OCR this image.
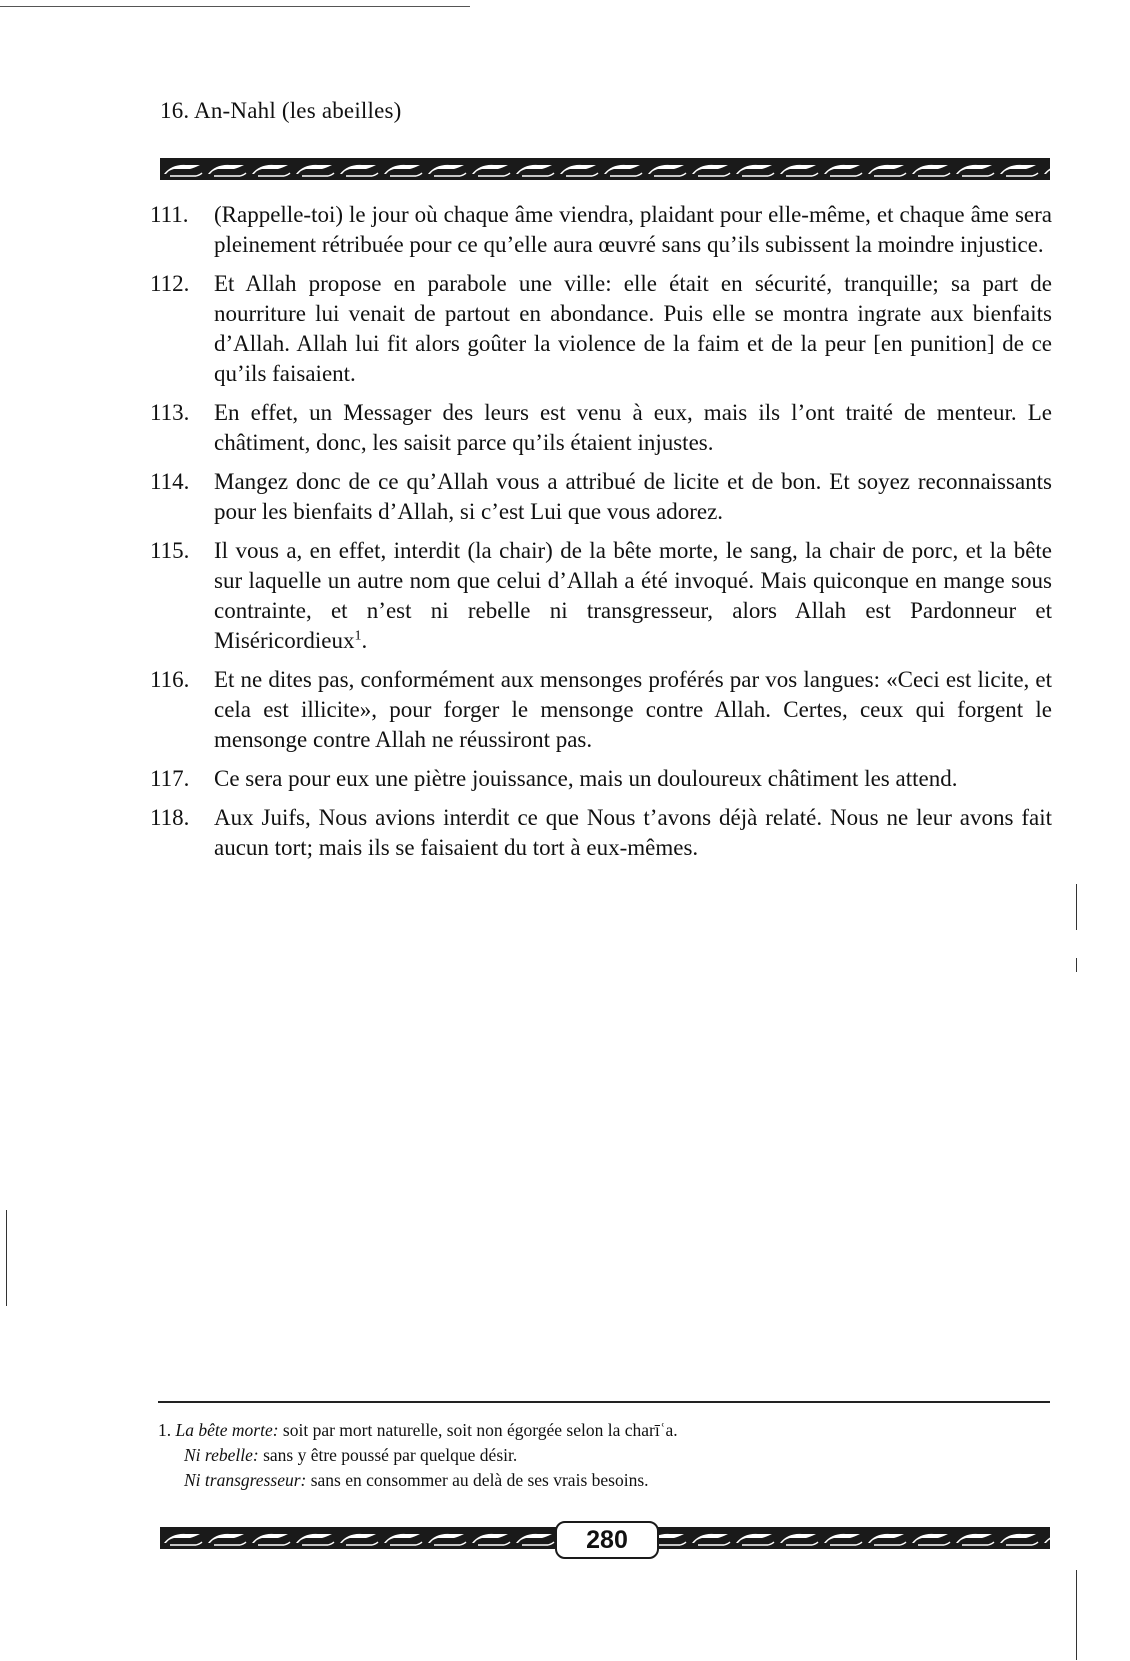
16. An-Nahl (les abeilles)
111.	(Rappelle-toi) le jour où chaque âme viendra, plaidant pour elle-même, et chaque âme sera pleinement rétribuée pour ce qu’elle aura œuvré sans qu’ils subissent la moindre injustice.
112.	Et Allah propose en parabole une ville: elle était en sécurité, tranquille; sa part de nourriture lui venait de partout en abondance. Puis elle se montra ingrate aux bienfaits d’Allah. Allah lui fit alors goûter la violence de la faim et de la peur [en punition] de ce qu’ils faisaient.
113.	En effet, un Messager des leurs est venu à eux, mais ils l’ont traité de menteur. Le châtiment, donc, les saisit parce qu’ils étaient injustes.
114.	Mangez donc de ce qu’Allah vous a attribué de licite et de bon. Et soyez reconnaissants pour les bienfaits d’Allah, si c’est Lui que vous adorez.
115.	Il vous a, en effet, interdit (la chair) de la bête morte, le sang, la chair de porc, et la bête sur laquelle un autre nom que celui d’Allah a été invoqué. Mais quiconque en mange sous contrainte, et n’est ni rebelle ni transgresseur, alors Allah est Pardonneur et Miséricordieux$^1$.
116.	Et ne dites pas, conformément aux mensonges proférés par vos langues: «Ceci est licite, et cela est illicite», pour forger le mensonge contre Allah. Certes, ceux qui forgent le mensonge contre Allah ne réussiront pas.
117.	Ce sera pour eux une piètre jouissance, mais un douloureux châtiment les attend.
118.	Aux Juifs, Nous avions interdit ce que Nous t’avons déjà relaté. Nous ne leur avons fait aucun tort; mais ils se faisaient du tort à eux-mêmes.
1. La bête morte: soit par mort naturelle, soit non égorgée selon la charīʿa.
Ni rebelle: sans y être poussé par quelque désir.
Ni transgresseur: sans en consommer au delà de ses vrais besoins.
280
